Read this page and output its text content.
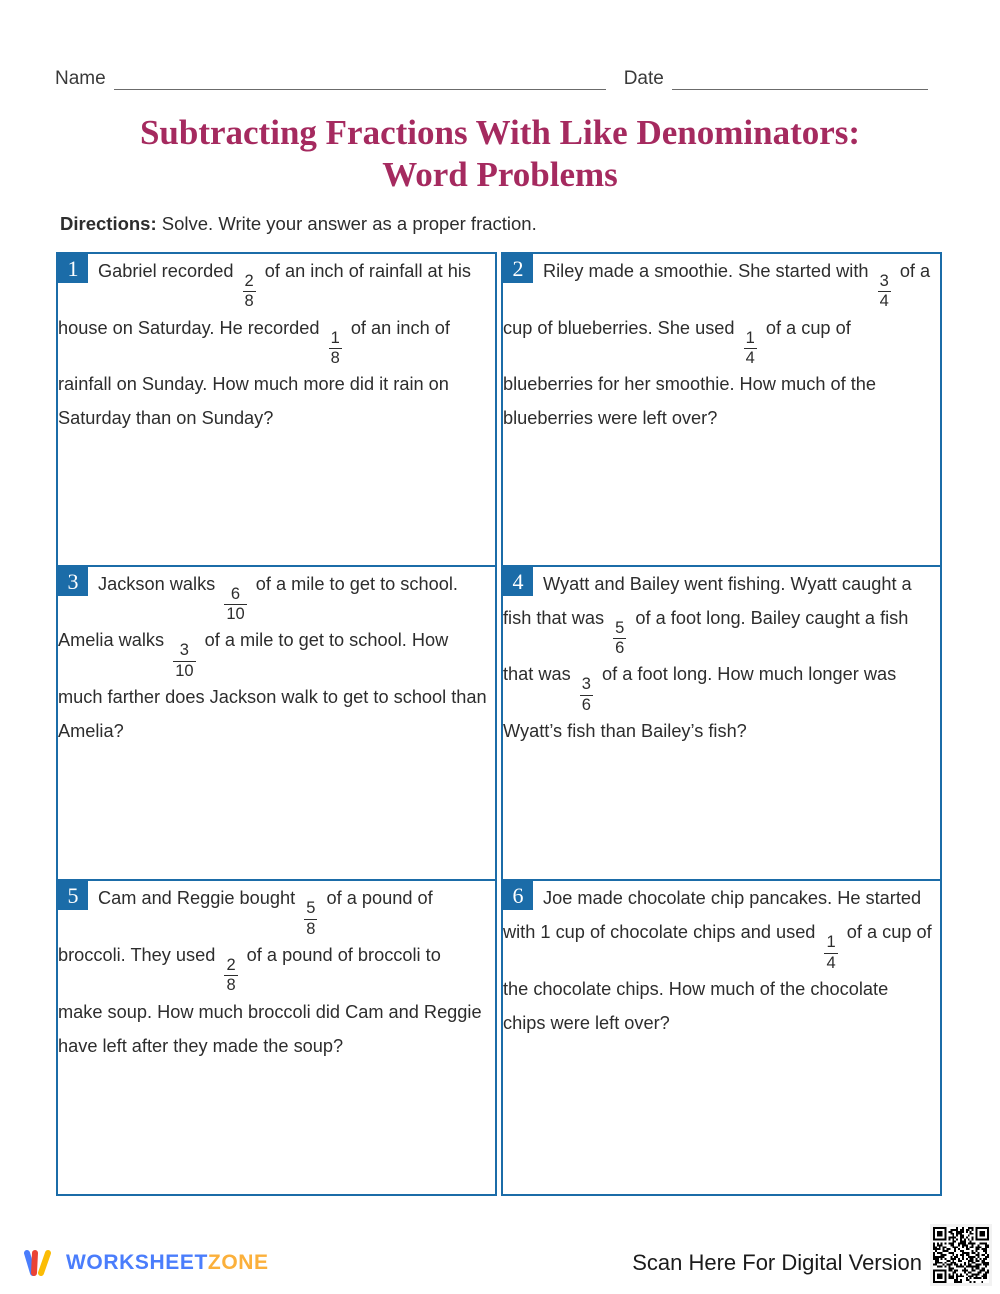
Name	Date
Subtracting Fractions With Like Denominators:
Word Problems
Directions: Solve. Write your answer as a proper fraction.

1	Gabriel recorded
$\frac{2}{8}$
of an inch of rainfall at his house on Saturday. He recorded
$\frac{1}{8}$
of an inch of rainfall on Sunday. How much more did it rain on Saturday than on Sunday?

2	Riley made a smoothie. She started with
$\frac{3}{4}$
of a cup of blueberries. She used
$\frac{1}{4}$
of a cup of blueberries for her smoothie. How much of the blueberries were left over?

3	Jackson walks
$\frac{6}{10}$
of a mile to get to school. Amelia walks
$\frac{3}{10}$
of a mile to get to school. How much farther does Jackson walk to get to school than Amelia?

4	Wyatt and Bailey went fishing. Wyatt caught a fish that was
$\frac{5}{6}$
of a foot long. Bailey caught a fish that was
$\frac{3}{6}$
of a foot long. How much longer was Wyatt’s fish than Bailey’s fish?

5	Cam and Reggie bought
$\frac{5}{8}$
of a pound of broccoli. They used
$\frac{2}{8}$
of a pound of broccoli to make soup. How much broccoli did Cam and Reggie have left after they made the soup?

6	Joe made chocolate chip pancakes. He started with 1 cup of chocolate chips and used
$\frac{1}{4}$
of a cup of the chocolate chips. How much of the chocolate chips were left over?

WORKSHEETZONE	Scan Here For Digital Version
